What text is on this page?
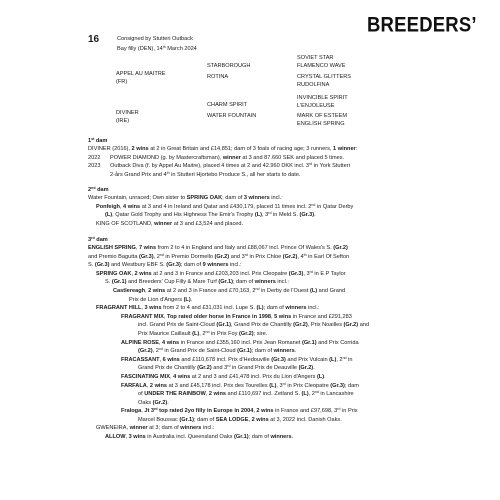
BREEDERS’
16	Consigned by Stutteri Outback
Bay filly (DEN), 14th March 2024
SOVIET STAR
FLAMENCO WAVE
STARBOROUGH
APPEL AU MAITRE
(FR)
CRYSTAL GLITTERS
ROTINA
RUDOLFINA
INVINCIBLE SPIRIT
L'ENJOLEUSE
CHARM SPIRIT
DIVINER
(IRE)
MARK OF ESTEEM
WATER FOUNTAIN
ENGLISH SPRING
1st dam
DIVINER (2016), 2 wins at 2 in Great Britain and £14,851; dam of 3 foals of racing age; 3 runners, 1 winner:
2022 POWER DIAMOND (g. by Mastercraftsman), winner at 3 and 87.660 SEK and placed 5 times.
2023 Outback Diva (f. by Appel Au Maitre), placed 4 times at 2 and 42.960 DKK incl. 3rd in York Stutteri
2-års Grand Prix and 4th in Stutteri Hjortebo Produce S., all her starts to date.
2nd dam
Water Fountain, unraced; Own sister to SPRING OAK; dam of 3 winners incl.:
Ponfeigh, 4 wins at 3 and 4 in Ireland and Qatar and £430,179, placed 11 times incl. 2nd in Qatar Derby
(L), Qatar Gold Trophy and His Highness The Emir's Trophy (L), 3rd in Meld S. (Gr.3).
KING OF SCOTLAND, winner at 3 and £3,524 and placed.
3rd dam
ENGLISH SPRING, 7 wins from 2 to 4 in England and Italy and £88,067 incl. Prince Of Wales's S. (Gr.2)
and Premio Bagutta (Gr.3), 2nd in Premio Dormello (Gr.2) and 3rd in Prix Chloe (Gr.2), 4th in Earl Of Sefton
S. (Gr.3) and Westbury EBF S. (Gr.3); dam of 9 winners incl.:
SPRING OAK, 2 wins at 2 and 3 in France and £203,203 incl. Prix Cleopatre (Gr.3), 3rd in E P Taylor
S. (Gr.1) and Breeders' Cup Filly & Mare Turf (Gr.1); dam of winners incl.:
Castlereagh, 2 wins at 2 and 3 in France and £70,163, 2nd in Derby de l'Ouest (L) and Grand
Prix de Lion d'Angers (L).
FRAGRANT HILL, 3 wins from 2 to 4 and £31,031 incl. Lupe S. (L); dam of winners incl.:
FRAGRANT MIX, Top rated older horse in France in 1998, 5 wins in France and £291,283
incl. Grand Prix de Saint-Cloud (Gr.1), Grand Prix de Chantilly (Gr.2), Prix Noailles (Gr.2) and
Prix Maurice Caillault (L), 2nd in Prix Foy (Gr.2); sire.
ALPINE ROSE, 4 wins in France and £355,160 incl. Prix Jean Romanet (Gr.1) and Prix Corrida
(Gr.2), 2nd in Grand Prix de Saint-Cloud (Gr.1); dam of winners.
FRACASSANT, 6 wins and £110,678 incl. Prix d'Hedouville (Gr.3) and Prix Vulcain (L), 2nd in
Grand Prix de Chantilly (Gr.2) and 3rd in Grand Prix de Deauville (Gr.2).
FASCINATING MIX, 4 wins at 2 and 3 and £41,478 incl. Prix du Lion d'Angers (L).
FARFALA, 2 wins at 3 and £45,178 incl. Prix des Tourelles (L), 3rd in Prix Cleopatre (Gr.3); dam
of UNDER THE RAINBOW, 2 wins and £110,697 incl. Zetland S. (L), 2nd in Lancashire
Oaks (Gr.2).
Fraloga, Jt 3rd top rated 2yo filly in Europe in 2004, 2 wins in France and £97,698, 3rd in Prix
Marcel Boussac (Gr.1); dam of SEA LODGE, 2 wins at 3, 2022 incl. Danish Oaks.
GWENEIRA, winner at 3; dam of winners incl.:
ALLOW, 3 wins in Australia incl. Queensland Oaks (Gr.1); dam of winners.
